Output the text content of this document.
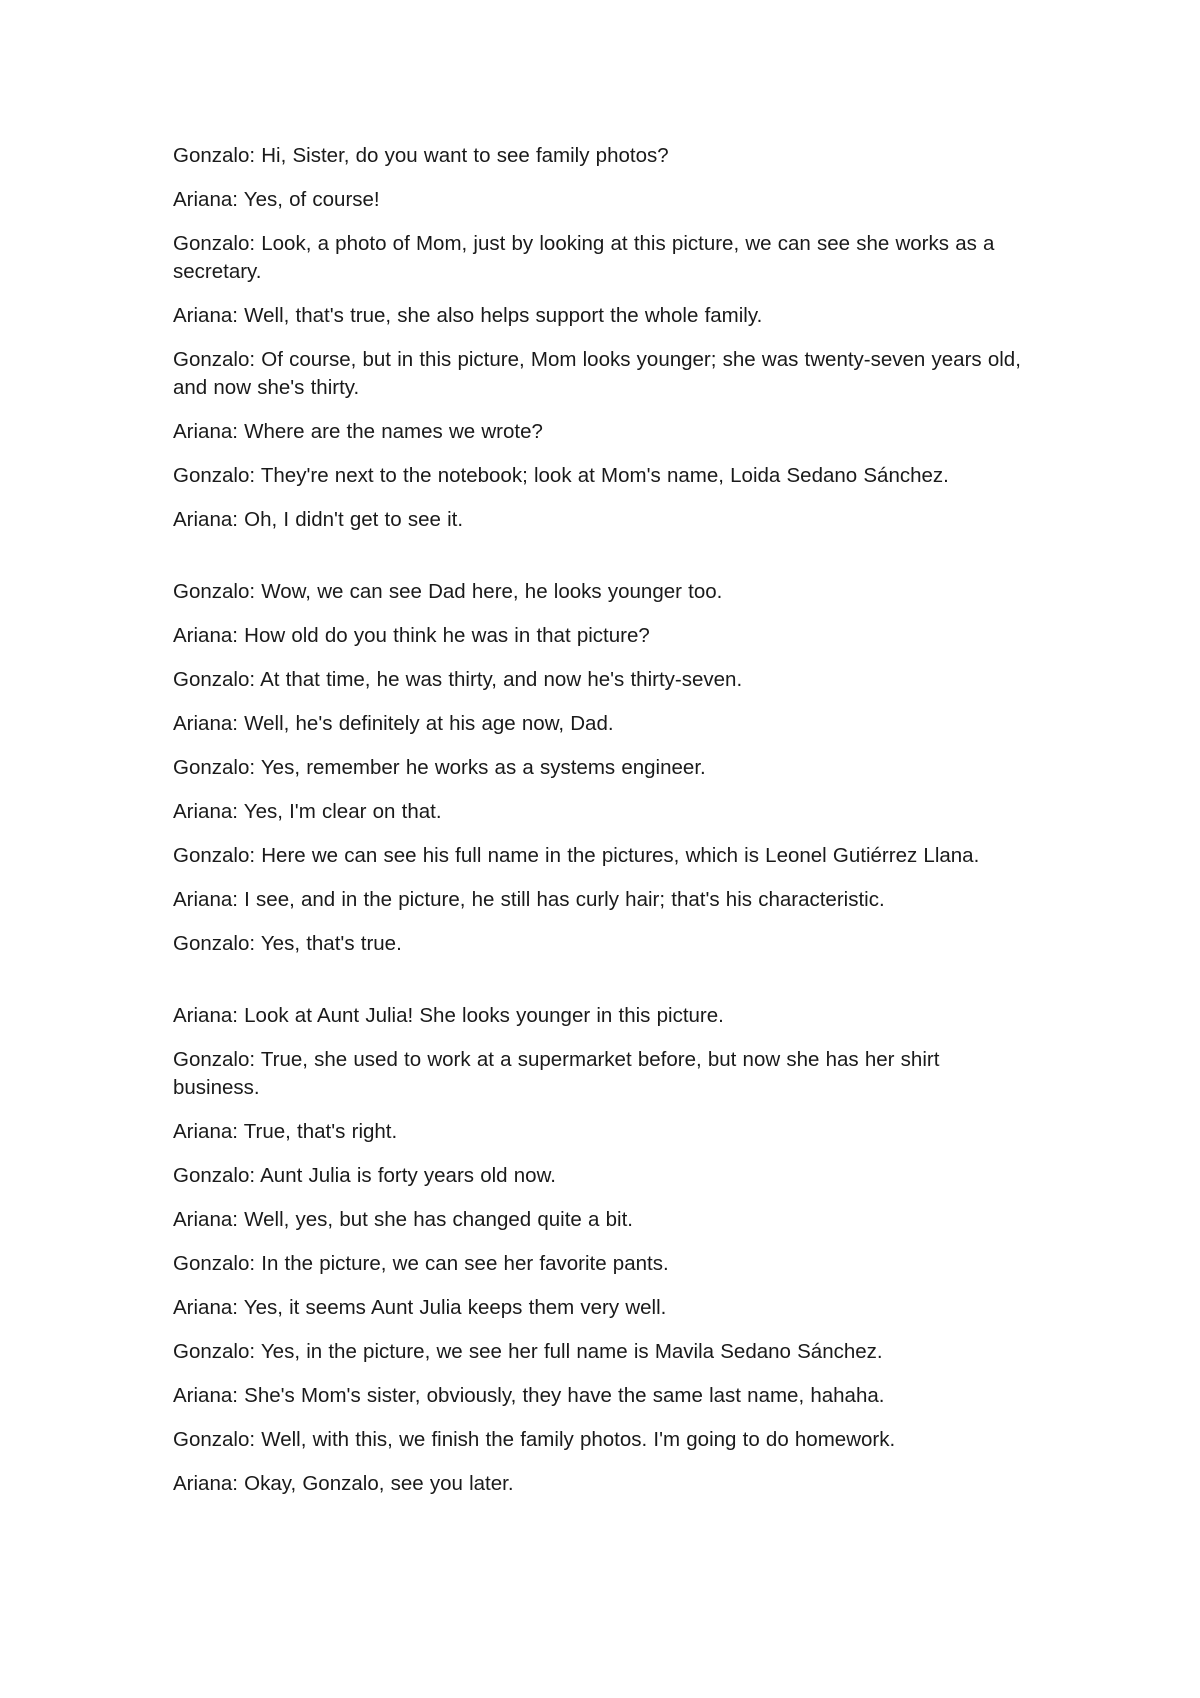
Gonzalo: Hi, Sister, do you want to see family photos?

Ariana: Yes, of course!

Gonzalo: Look, a photo of Mom, just by looking at this picture, we can see she works as a secretary.

Ariana: Well, that's true, she also helps support the whole family.

Gonzalo: Of course, but in this picture, Mom looks younger; she was twenty-seven years old, and now she's thirty.

Ariana: Where are the names we wrote?

Gonzalo: They're next to the notebook; look at Mom's name, Loida Sedano Sánchez.

Ariana: Oh, I didn't get to see it.

Gonzalo: Wow, we can see Dad here, he looks younger too.

Ariana: How old do you think he was in that picture?

Gonzalo: At that time, he was thirty, and now he's thirty-seven.

Ariana: Well, he's definitely at his age now, Dad.

Gonzalo: Yes, remember he works as a systems engineer.

Ariana: Yes, I'm clear on that.

Gonzalo: Here we can see his full name in the pictures, which is Leonel Gutiérrez Llana.

Ariana: I see, and in the picture, he still has curly hair; that's his characteristic.

Gonzalo: Yes, that's true.

Ariana: Look at Aunt Julia! She looks younger in this picture.

Gonzalo: True, she used to work at a supermarket before, but now she has her shirt business.

Ariana: True, that's right.

Gonzalo: Aunt Julia is forty years old now.

Ariana: Well, yes, but she has changed quite a bit.

Gonzalo: In the picture, we can see her favorite pants.

Ariana: Yes, it seems Aunt Julia keeps them very well.

Gonzalo: Yes, in the picture, we see her full name is Mavila Sedano Sánchez.

Ariana: She's Mom's sister, obviously, they have the same last name, hahaha.

Gonzalo: Well, with this, we finish the family photos. I'm going to do homework.

Ariana: Okay, Gonzalo, see you later.
